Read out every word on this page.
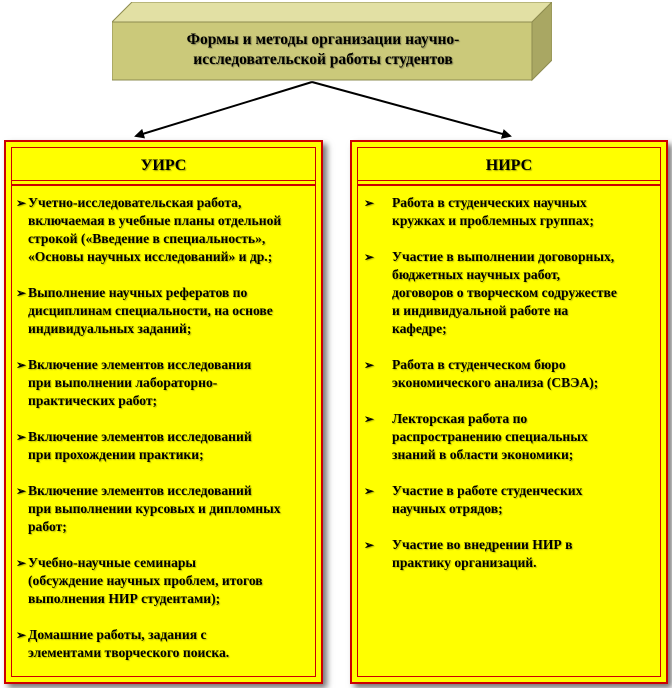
Формы и методы организации научно-
исследовательской работы студентов
УИРС
➢ Учетно-исследовательская работа,
включаемая в учебные планы отдельной
строкой («Введение в специальность»,
«Основы научных исследований» и др.;
➢ Выполнение научных рефератов по
дисциплинам специальности, на основе
индивидуальных заданий;
➢ Включение элементов исследования
при выполнении лабораторно-
практических работ;
➢ Включение элементов исследований
при прохождении практики;
➢ Включение элементов исследований
при выполнении курсовых и дипломных
работ;
➢ Учебно-научные семинары
(обсуждение научных проблем, итогов
выполнения НИР студентами);
➢ Домашние работы, задания с
элементами творческого поиска.
НИРС
➢ Работа в студенческих научных
кружках и проблемных группах;
➢ Участие в выполнении договорных,
бюджетных научных работ,
договоров о творческом содружестве
и индивидуальной работе на
кафедре;
➢ Работа в студенческом бюро
экономического анализа (СВЭА);
➢ Лекторская работа по
распространению специальных
знаний в области экономики;
➢ Участие в работе студенческих
научных отрядов;
➢ Участие во внедрении НИР в
практику организаций.
